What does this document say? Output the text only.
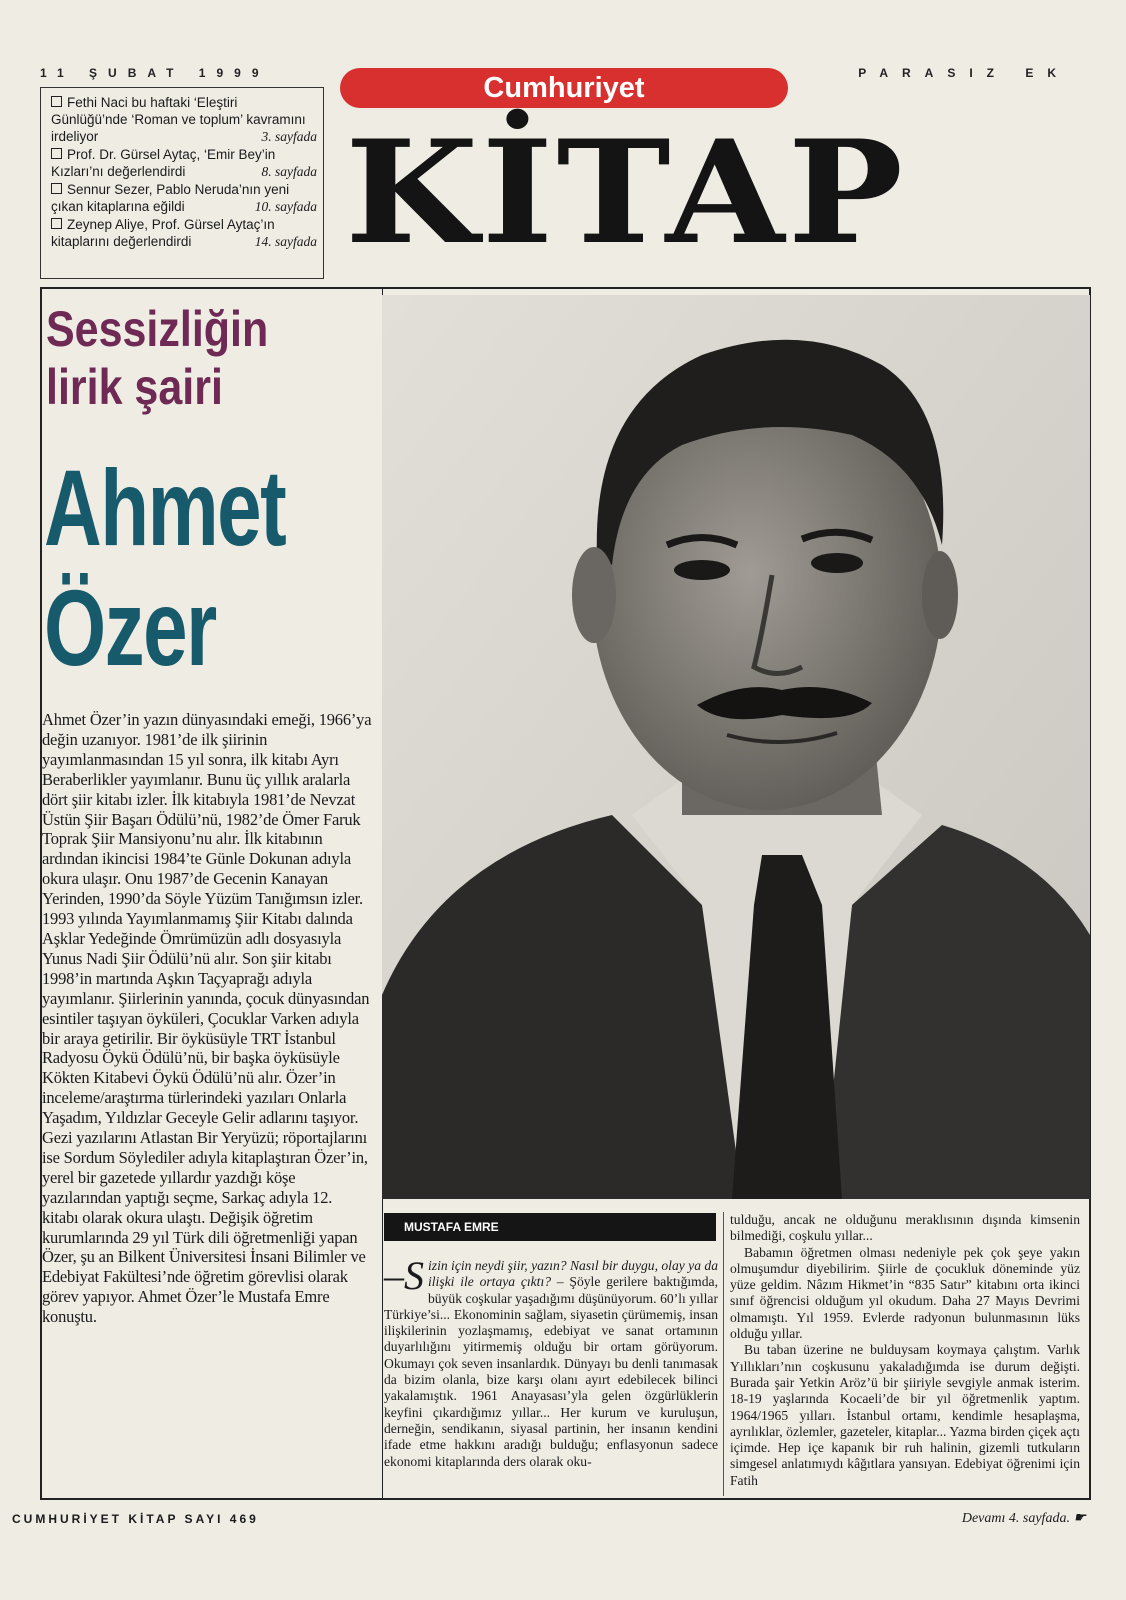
11 ŞUBAT 1999	PARASIZ EK
Cumhuriyet
KİTAP
Fethi Naci bu haftaki ‘Eleştiri Günlüğü’nde ‘Roman ve toplum’ kavramını irdeliyor	3. sayfada
Prof. Dr. Gürsel Aytaç, ‘Emir Bey’in Kızları’nı değerlendirdi	8. sayfada
Sennur Sezer, Pablo Neruda’nın yeni çıkan kitaplarına eğildi	10. sayfada
Zeynep Aliye, Prof. Gürsel Aytaç’ın kitaplarını değerlendirdi	14. sayfada
Sessizliğin lirik şairi
Ahmet
Özer
Ahmet Özer’in yazın dünyasındaki emeği, 1966’ya değin uzanıyor. 1981’de ilk şiirinin yayımlanmasından 15 yıl sonra, ilk kitabı Ayrı Beraberlikler yayımlanır. Bunu üç yıllık aralarla dört şiir kitabı izler. İlk kitabıyla 1981’de Nevzat Üstün Şiir Başarı Ödülü’nü, 1982’de Ömer Faruk Toprak Şiir Mansiyonu’nu alır. İlk kitabının ardından ikincisi 1984’te Günle Dokunan adıyla okura ulaşır. Onu 1987’de Gecenin Kanayan Yerinden, 1990’da Söyle Yüzüm Tanığımsın izler. 1993 yılında Yayımlanmamış Şiir Kitabı dalında Aşklar Yedeğinde Ömrümüzün adlı dosyasıyla Yunus Nadi Şiir Ödülü’nü alır. Son şiir kitabı 1998’in martında Aşkın Taçyaprağı adıyla yayımlanır. Şiirlerinin yanında, çocuk dünyasından esintiler taşıyan öyküleri, Çocuklar Varken adıyla bir araya getirilir. Bir öyküsüyle TRT İstanbul Radyosu Öykü Ödülü’nü, bir başka öyküsüyle Kökten Kitabevi Öykü Ödülü’nü alır. Özer’in inceleme/araştırma türlerindeki yazıları Onlarla Yaşadım, Yıldızlar Geceyle Gelir adlarını taşıyor. Gezi yazılarını Atlastan Bir Yeryüzü; röportajlarını ise Sordum Söylediler adıyla kitaplaştıran Özer’in, yerel bir gazetede yıllardır yazdığı köşe yazılarından yaptığı seçme, Sarkaç adıyla 12. kitabı olarak okura ulaştı. Değişik öğretim kurumlarında 29 yıl Türk dili öğretmenliği yapan Özer, şu an Bilkent Üniversitesi İnsani Bilimler ve Edebiyat Fakültesi’nde öğretim görevlisi olarak görev yapıyor. Ahmet Özer’le Mustafa Emre konuştu.
MUSTAFA EMRE
–S izin için neydi şiir, yazın? Nasıl bir duygu, olay ya da ilişki ile ortaya çıktı? – Şöyle gerilere baktığımda, büyük coşkular yaşadığımı düşünüyorum. 60’lı yıllar Türkiye’si... Ekonominin sağlam, siyasetin çürümemiş, insan ilişkilerinin yozlaşmamış, edebiyat ve sanat ortamının duyarlılığını yitirmemiş olduğu bir ortam görüyorum. Okumayı çok seven insanlardık. Dünyayı bu denli tanımasak da bizim olanla, bize karşı olanı ayırt edebilecek bilinci yakalamıştık. 1961 Anayasası’yla gelen özgürlüklerin keyfini çıkardığımız yıllar... Her kurum ve kuruluşun, derneğin, sendikanın, siyasal partinin, her insanın kendini ifade etme hakkını aradığı bulduğu; enflasyonun sadece ekonomi kitaplarında ders olarak oku-

tulduğu, ancak ne olduğunu meraklısının dışında kimsenin bilmediği, coşkulu yıllar...

Babamın öğretmen olması nedeniyle pek çok şeye yakın olmuşumdur diyebilirim. Şiirle de çocukluk döneminde yüz yüze geldim. Nâzım Hikmet’in “835 Satır” kitabını orta ikinci sınıf öğrencisi olduğum yıl okudum. Daha 27 Mayıs Devrimi olmamıştı. Yıl 1959. Evlerde radyonun bulunmasının lüks olduğu yıllar.

Bu taban üzerine ne bulduysam koymaya çalıştım. Varlık Yıllıkları’nın coşkusunu yakaladığımda ise durum değişti. Burada şair Yetkin Aröz’ü bir şiiriyle sevgiyle anmak isterim. 18-19 yaşlarında Kocaeli’de bir yıl öğretmenlik yaptım. 1964/1965 yılları. İstanbul ortamı, kendimle hesaplaşma, ayrılıklar, özlemler, gazeteler, kitaplar... Yazma birden çiçek açtı içimde. Hep içe kapanık bir ruh halinin, gizemli tutkuların simgesel anlatımıydı kâğıtlara yansıyan. Edebiyat öğrenimi için Fatih

CUMHURİYET KİTAP SAYI 469	Devamı 4. sayfada. ☛
